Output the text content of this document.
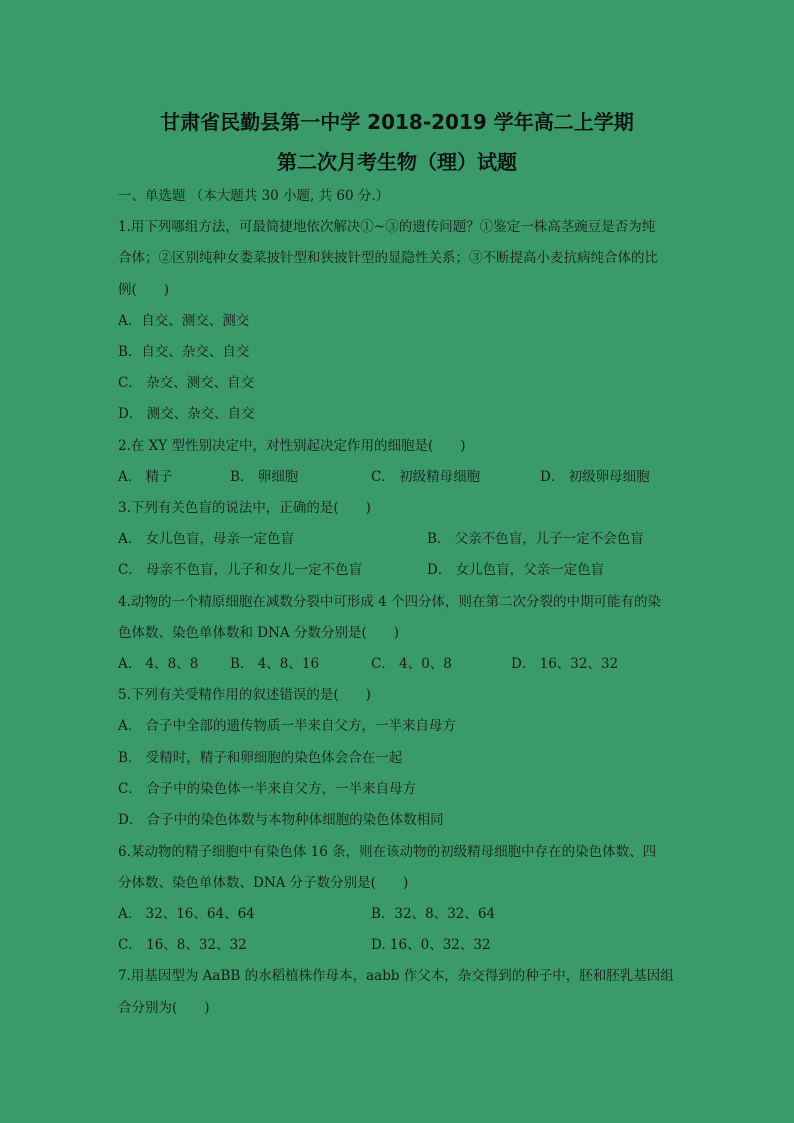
甘肃省民勤县第一中学 2018-2019 学年高二上学期
第二次月考生物（理）试题
一、单选题 （本大题共 30 小题, 共 60 分.）
1.用下列哪组方法，可最简捷地依次解决①~③的遗传问题？①鉴定一株高茎豌豆是否为纯
合体；②区别纯种女娄菜披针型和狭披针型的显隐性关系；③不断提高小麦抗病纯合体的比
例(　　)
A．自交、测交、测交
B．自交、杂交、自交
C． 杂交、测交、自交
D． 测交、杂交、自交
2.在 XY 型性别决定中，对性别起决定作用的细胞是(　　)
A． 精子	B． 卵细胞	C． 初级精母细胞	D． 初级卵母细胞
3.下列有关色盲的说法中，正确的是(　　)
A． 女儿色盲，母亲一定色盲	B． 父亲不色盲，儿子一定不会色盲
C． 母亲不色盲，儿子和女儿一定不色盲	D． 女儿色盲，父亲一定色盲
4.动物的一个精原细胞在减数分裂中可形成 4 个四分体，则在第二次分裂的中期可能有的染
色体数、染色单体数和 DNA 分数分别是(　　)
A． 4、8、8 B． 4、8、16	C． 4、0、8	D． 16、32、32
5.下列有关受精作用的叙述错误的是(　　)
A． 合子中全部的遗传物质一半来自父方，一半来自母方
B． 受精时，精子和卵细胞的染色体会合在一起
C． 合子中的染色体一半来自父方，一半来自母方
D． 合子中的染色体数与本物种体细胞的染色体数相同
6.某动物的精子细胞中有染色体 16 条，则在该动物的初级精母细胞中存在的染色体数、四
分体数、染色单体数、DNA 分子数分别是(　　)
A． 32、16、64、64	B．32、8、32、64
C． 16、8、32、32	D. 16、0、32、32
7.用基因型为 AaBB 的水稻植株作母本，aabb 作父本，杂交得到的种子中，胚和胚乳基因组
合分别为(　　)
